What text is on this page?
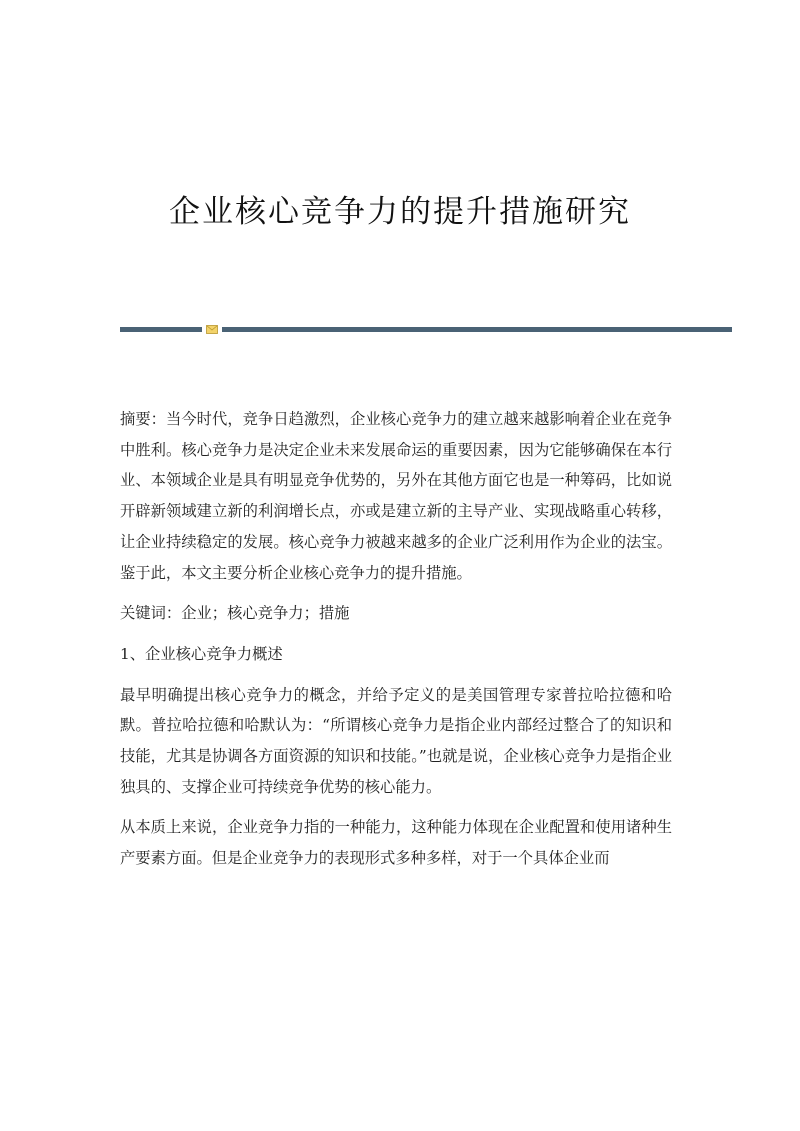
企业核心竞争力的提升措施研究

摘要：当今时代，竞争日趋激烈，企业核心竞争力的建立越来越影响着企业在竞争中胜利。核心竞争力是决定企业未来发展命运的重要因素，因为它能够确保在本行业、本领域企业是具有明显竞争优势的，另外在其他方面它也是一种筹码，比如说开辟新领域建立新的利润增长点，亦或是建立新的主导产业、实现战略重心转移，让企业持续稳定的发展。核心竞争力被越来越多的企业广泛利用作为企业的法宝。鉴于此，本文主要分析企业核心竞争力的提升措施。

关键词：企业；核心竞争力；措施

1、企业核心竞争力概述

最早明确提出核心竞争力的概念，并给予定义的是美国管理专家普拉哈拉德和哈默。普拉哈拉德和哈默认为：“所谓核心竞争力是指企业内部经过整合了的知识和技能，尤其是协调各方面资源的知识和技能。”也就是说，企业核心竞争力是指企业独具的、支撑企业可持续竞争优势的核心能力。

从本质上来说，企业竞争力指的一种能力，这种能力体现在企业配置和使用诸种生产要素方面。但是企业竞争力的表现形式多种多样，对于一个具体企业而
